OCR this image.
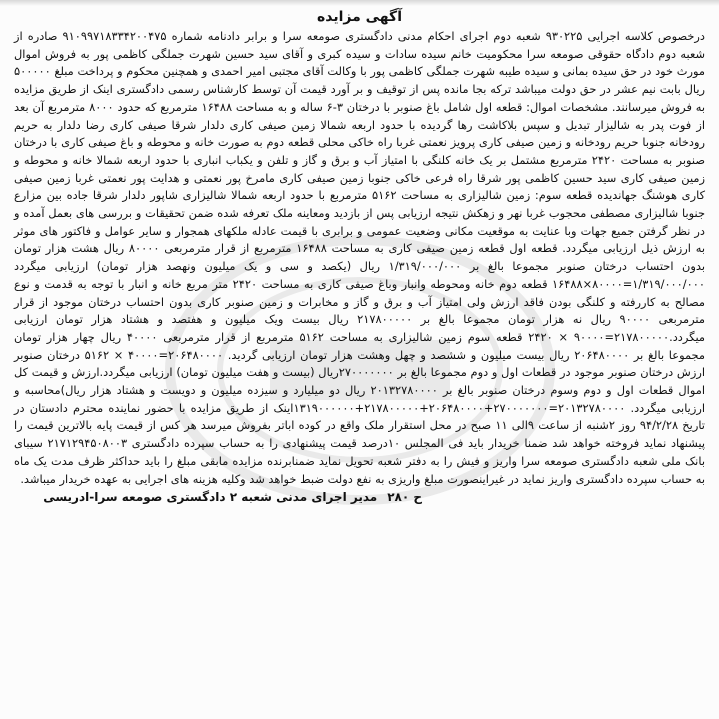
آگهی مزایده

درخصوص کلاسه اجرایی ۹۳۰۲۲۵ شعبه دوم اجرای احکام مدنی دادگستری صومعه سرا و برابر دادنامه شماره ۹۱۰۹۹۷۱۸۳۳۴۲۰۰۴۷۵ صادره از شعبه دوم دادگاه حقوقی صومعه سرا محکومیت خانم سیده سادات و سیده کبری و آقای سید حسین شهرت جملگی کاظمی پور به فروش اموال مورث خود در حق سیده بمانی و سیده طیبه شهرت جملگی کاظمی پور با وکالت آقای مجتبی امیر احمدی و همچنین محکوم و پرداخت مبلغ ۵۰۰۰۰۰ ریال بابت نیم عشر در حق دولت میباشد ترکه بجا مانده پس از توقیف و بر آورد قیمت آن توسط کارشناس رسمی دادگستری اینک از طریق مزایده به فروش میرسانند. مشخصات اموال: قطعه اول شامل باغ صنوبر با درختان ۳-۶ ساله و به مساحت ۱۶۴۸۸ مترمربع که حدود ۸۰۰۰ مترمربع آن بعد از فوت پدر به شالیزار تبدیل و سپس بلاکاشت رها گردیده با حدود اربعه شمالا زمین صیفی کاری دلدار شرقا صیفی کاری رضا دلدار به حریم رودخانه جنوبا حریم رودخانه و زمین صیفی کاری پرویز نعمتی غربا راه خاکی محلی قطعه دوم به صورت خانه و محوطه و باغ صیفی کاری با درختان صنوبر به مساحت ۲۴۲۰ مترمربع مشتمل بر یک خانه کلنگی با امتیاز آب و برق و گاز و تلفن و یکباب انباری با حدود اربعه شمالا خانه و محوطه و زمین صیفی کاری سید حسین کاظمی پور شرقا راه فرعی خاکی جنوبا زمین صیفی کاری مامرخ پور نعمتی و هدایت پور نعمتی غربا زمین صیفی کاری هوشنگ جهاندیده قطعه سوم: زمین شالیزاری به مساحت ۵۱۶۲ مترمربع با حدود اربعه شمالا شالیزاری شاپور دلدار شرقا جاده بین مزارع جنوبا شالیزاری مصطفی محجوب غربا نهر و زهکش نتیجه ارزیابی پس از بازدید ومعاینه ملک تعرفه شده ضمن تحقیقات و بررسی های بعمل آمده و در نظر گرفتن جمیع جهات وبا عنایت به موقعیت مکانی وضعیت عمومی و برابری با قیمت عادله ملکهای همجوار و سایر عوامل و فاکتور های موثر به ارزش ذیل ارزیابی میگردد. قطعه اول قطعه زمین صیفی کاری به مساحت ۱۶۴۸۸ مترمربع از قرار مترمربعی ۸۰۰۰۰ ریال هشت هزار تومان بدون احتساب درختان صنوبر مجموعا بالغ بر ۱/۳۱۹/۰۰۰/۰۰۰ ریال (یکصد و سی و یک میلیون ونهصد هزار تومان) ارزیابی میگردد ۱/۳۱۹/۰۰۰/۰۰۰=۸۰۰۰۰×۱۶۴۸۸ قطعه دوم خانه ومحوطه وانبار وباغ صیفی کاری به مساحت ۲۴۲۰ متر مربع خانه و انبار با توجه به قدمت و نوع مصالح به کاررفته و کلنگی بودن فاقد ارزش ولی امتیاز آب و برق و گاز و مخابرات و زمین صنوبر کاری بدون احتساب درختان موجود از قرار مترمربعی ۹۰۰۰۰ ریال نه هزار تومان مجموعا بالغ بر ۲۱۷۸۰۰۰۰۰ ریال بیست ویک میلیون و هفتصد و هشتاد هزار تومان ارزیابی میگردد.۲۱۷۸۰۰۰۰۰=۹۰۰۰۰ × ۲۴۲۰ قطعه سوم زمین شالیزاری به مساحت ۵۱۶۲ مترمربع از قرار مترمربعی ۴۰۰۰۰ ریال چهار هزار تومان مجموعا بالغ بر ۲۰۶۴۸۰۰۰۰ ریال بیست میلیون و ششصد و چهل وهشت هزار تومان ارزیابی گردید. ۲۰۶۴۸۰۰۰۰=۴۰۰۰۰ × ۵۱۶۲ درختان صنوبر ارزش درختان صنوبر موجود در قطعات اول و دوم مجموعا بالغ بر ۲۷۰۰۰۰۰۰۰ریال (بیست و هفت میلیون تومان) ارزیابی میگردد.ارزش و قیمت کل اموال قطعات اول و دوم وسوم درختان صنوبر بالغ بر ۲۰۱۳۲۷۸۰۰۰۰ ریال دو میلیارد و سیزده میلیون و دویست و هشتاد هزار ریال)محاسبه و ارزیابی میگردد. ۲۰۱۳۲۷۸۰۰۰۰=۲۷۰۰۰۰۰۰۰+۲۰۶۴۸۰۰۰۰+۲۱۷۸۰۰۰۰۰+۱۳۱۹۰۰۰۰۰۰اینک از طریق مزایده با حضور نماینده محترم دادستان در تاریخ ۹۴/۲/۲۸ روز ۲شنبه از ساعت ۹الی ۱۱ صبح در محل استقرار ملک واقع در کوده اباتر بفروش میرسد هر کس از قیمت پایه بالاترین قیمت را پیشنهاد نماید فروخته خواهد شد ضمنا خریدار باید فی المجلس ۱۰درصد قیمت پیشنهادی را به حساب سپرده دادگستری ۲۱۷۱۲۹۴۵۰۸۰۰۳ سیبای بانک ملی شعبه دادگستری صومعه سرا واریز و فیش را به دفتر شعبه تحویل نماید ضمنابرنده مزایده مابقی مبلغ را باید حداکثر ظرف مدت یک ماه به حساب سپرده دادگستری واریز نماید در غیراینصورت مبلغ واریزی به نفع دولت ضبط خواهد شد وکلیه هزینه های اجرایی به عهده خریدار میباشد.

ح ۲۸۰
مدیر اجرای مدنی شعبه ۲ دادگستری صومعه سرا-ادریسی
